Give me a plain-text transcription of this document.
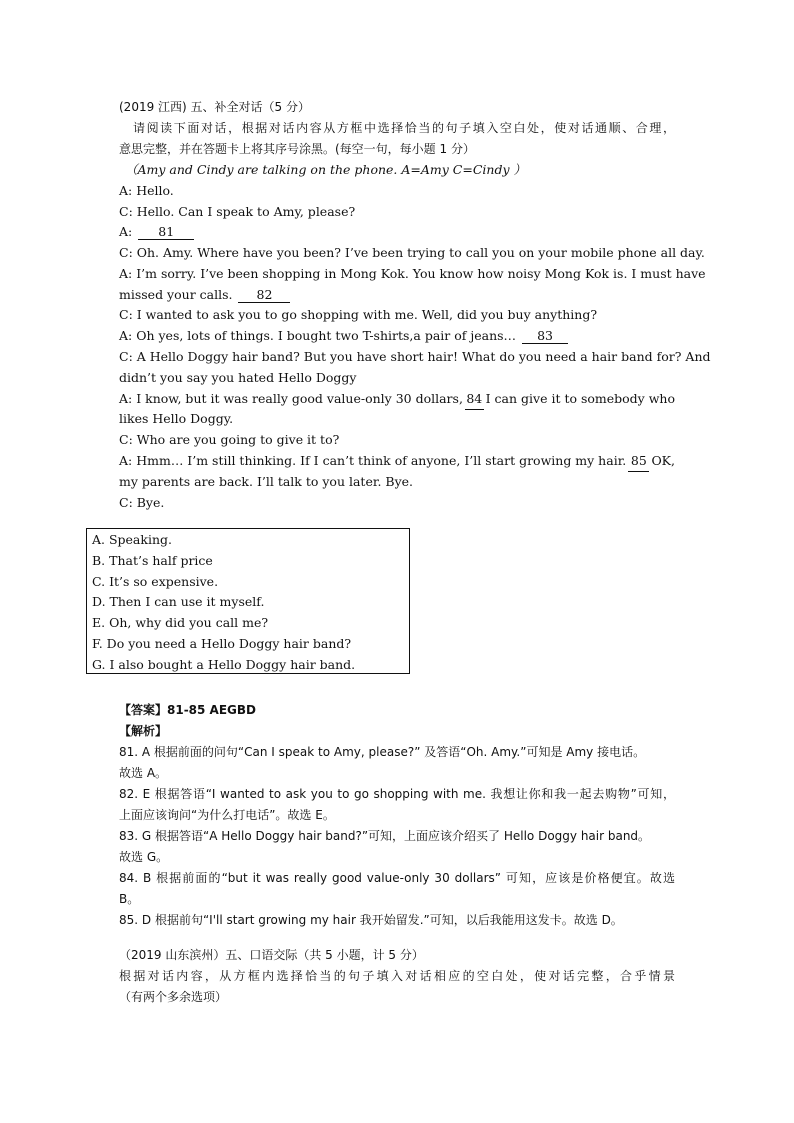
(2019 江西) 五、补全对话（5 分）
请阅读下面对话，根据对话内容从方框中选择恰当的句子填入空白处，使对话通顺、合理，
意思完整，并在答题卡上将其序号涂黑。(每空一句，每小题 1 分）
（Amy and Cindy are talking on the phone. A=Amy C=Cindy ）
A: Hello.
C: Hello. Can I speak to Amy, please?
A: 81
C: Oh. Amy. Where have you been? I’ve been trying to call you on your mobile phone all day.
A: I’m sorry. I’ve been shopping in Mong Kok. You know how noisy Mong Kok is. I must have
missed your calls. 82
C: I wanted to ask you to go shopping with me. Well, did you buy anything?
A: Oh yes, lots of things. I bought two T-shirts,a pair of jeans… 83
C: A Hello Doggy hair band? But you have short hair! What do you need a hair band for? And
didn’t you say you hated Hello Doggy
A: I know, but it was really good value-only 30 dollars, 84 I can give it to somebody who
likes Hello Doggy.
C: Who are you going to give it to?
A: Hmm… I’m still thinking. If I can’t think of anyone, I’ll start growing my hair. 85 OK,
my parents are back. I’ll talk to you later. Bye.
C: Bye.
A. Speaking.
B. That’s half price
C. It’s so expensive.
D. Then I can use it myself.
E. Oh, why did you call me?
F. Do you need a Hello Doggy hair band?
G. I also bought a Hello Doggy hair band.
【答案】81-85 AEGBD
【解析】
81. A 根据前面的问句“Can I speak to Amy, please?” 及答语“Oh. Amy.”可知是 Amy 接电话。
故选 A。
82. E 根据答语“I wanted to ask you to go shopping with me. 我想让你和我一起去购物”可知，
上面应该询问“为什么打电话”。故选 E。
83. G 根据答语“A Hello Doggy hair band?”可知，上面应该介绍买了 Hello Doggy hair band。
故选 G。
84. B 根据前面的“but it was really good value-only 30 dollars” 可知，应该是价格便宜。故选
B。
85. D 根据前句“I'll start growing my hair 我开始留发.”可知，以后我能用这发卡。故选 D。
（2019 山东滨州）五、口语交际（共 5 小题，计 5 分）
根据对话内容，从方框内选择恰当的句子填入对话相应的空白处，使对话完整，合乎情景
（有两个多余选项）
